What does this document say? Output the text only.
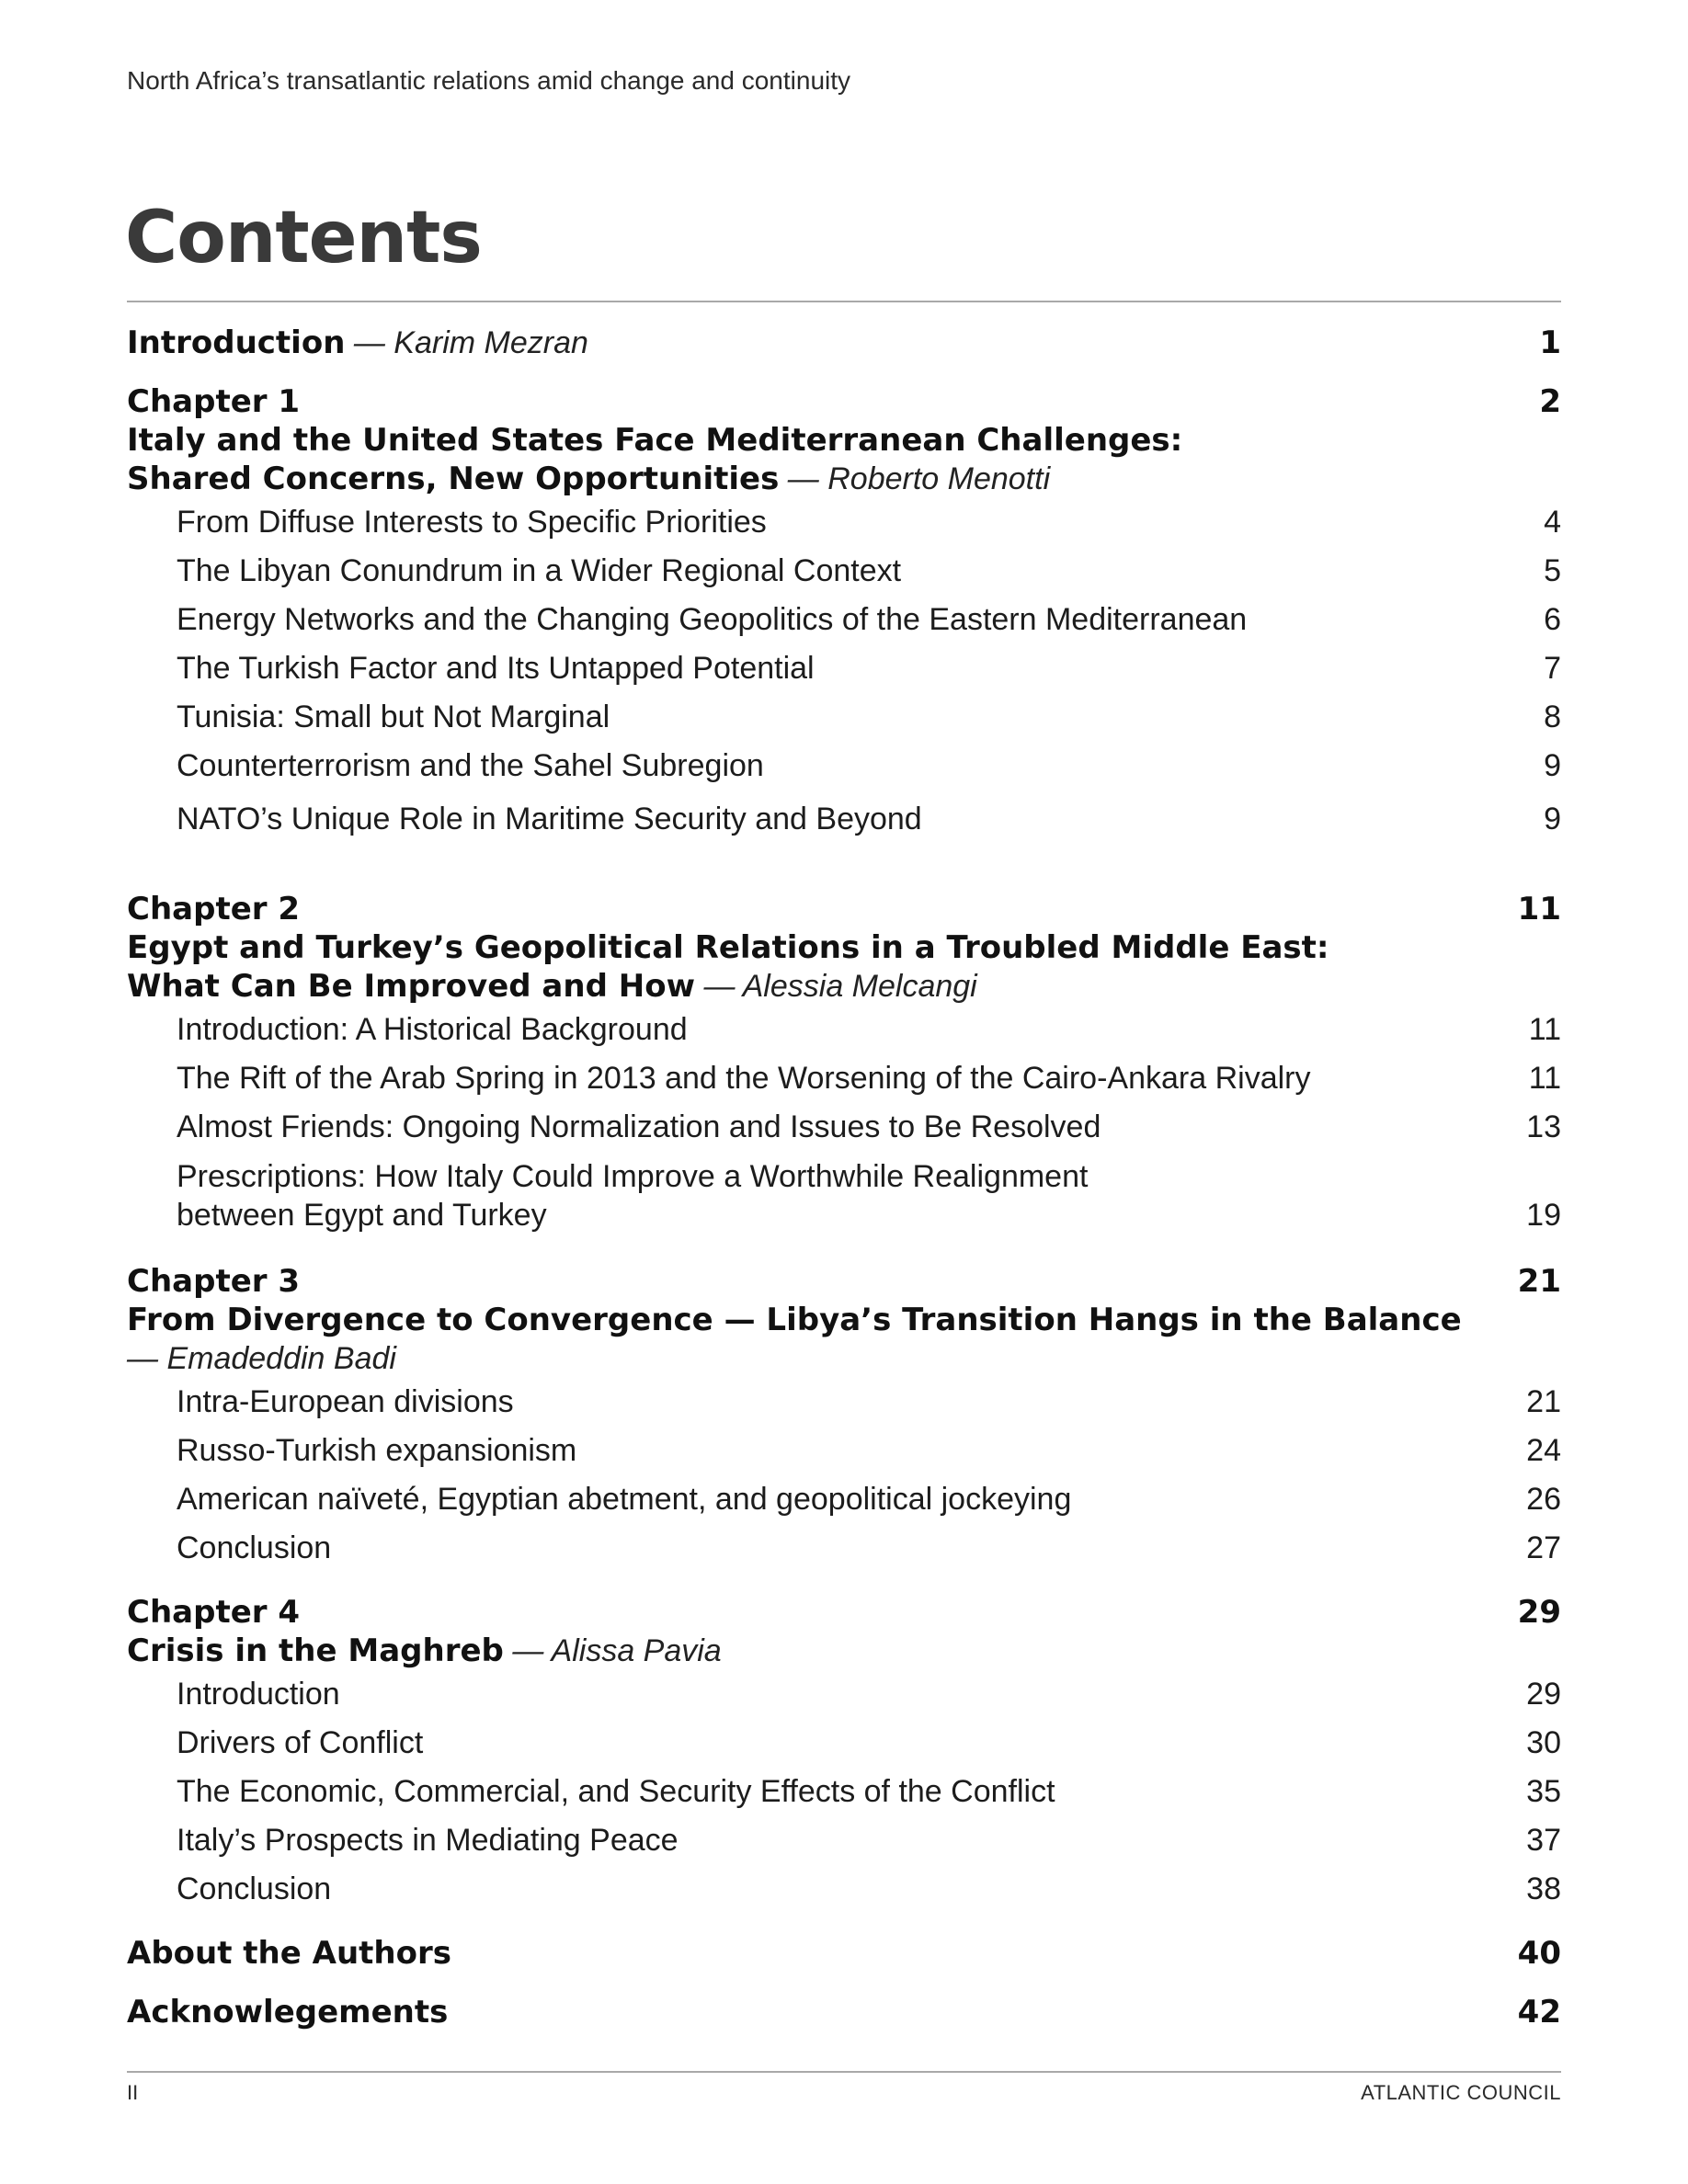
North Africa’s transatlantic relations amid change and continuity
Contents
Introduction — Karim Mezran	1
Chapter 1	2
Italy and the United States Face Mediterranean Challenges:
Shared Concerns, New Opportunities — Roberto Menotti
From Diffuse Interests to Specific Priorities	4
The Libyan Conundrum in a Wider Regional Context	5
Energy Networks and the Changing Geopolitics of the Eastern Mediterranean	6
The Turkish Factor and Its Untapped Potential	7
Tunisia: Small but Not Marginal	8
Counterterrorism and the Sahel Subregion	9
NATO’s Unique Role in Maritime Security and Beyond	9
Chapter 2	11
Egypt and Turkey’s Geopolitical Relations in a Troubled Middle East:
What Can Be Improved and How — Alessia Melcangi
Introduction: A Historical Background	11
The Rift of the Arab Spring in 2013 and the Worsening of the Cairo-Ankara Rivalry	11
Almost Friends: Ongoing Normalization and Issues to Be Resolved	13
Prescriptions: How Italy Could Improve a Worthwhile Realignment
between Egypt and Turkey	19
Chapter 3	21
From Divergence to Convergence — Libya’s Transition Hangs in the Balance
— Emadeddin Badi
Intra-European divisions	21
Russo-Turkish expansionism	24
American naïveté, Egyptian abetment, and geopolitical jockeying	26
Conclusion	27
Chapter 4	29
Crisis in the Maghreb — Alissa Pavia
Introduction	29
Drivers of Conflict	30
The Economic, Commercial, and Security Effects of the Conflict	35
Italy’s Prospects in Mediating Peace	37
Conclusion	38
About the Authors	40
Acknowlegements	42
II	ATLANTIC COUNCIL
